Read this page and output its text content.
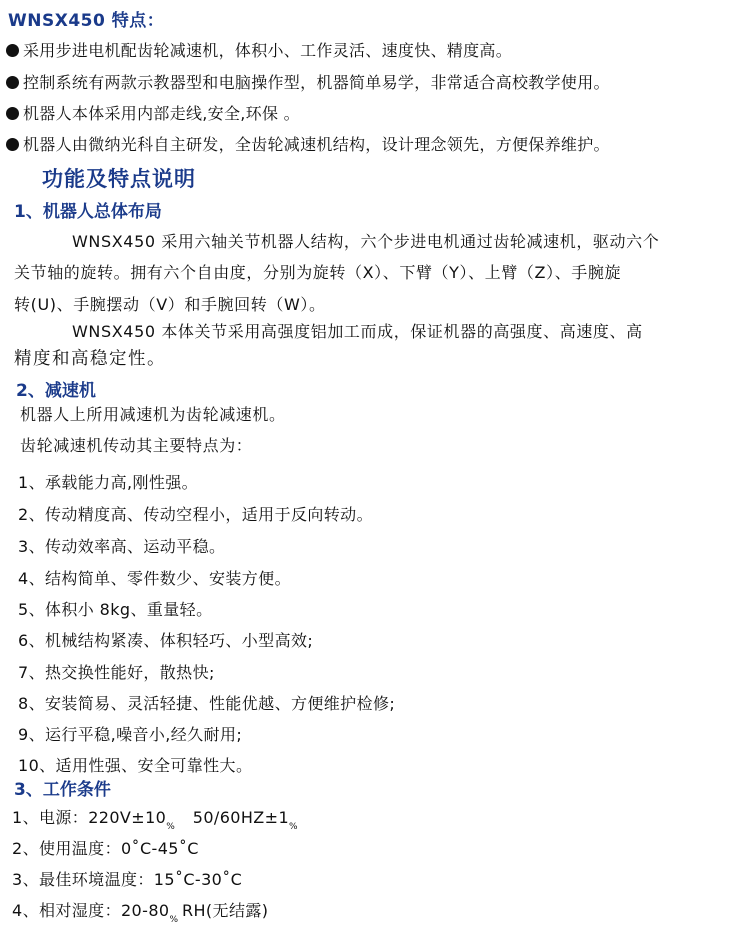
WNSX450 特点：
采用步进电机配齿轮减速机，体积小、工作灵活、速度快、精度高。
控制系统有两款示教器型和电脑操作型，机器简单易学，非常适合高校教学使用。
机器人本体采用内部走线,安全,环保 。
机器人由微纳光科自主研发，全齿轮减速机结构，设计理念领先，方便保养维护。
功能及特点说明
1、机器人总体布局
WNSX450 采用六轴关节机器人结构，六个步进电机通过齿轮减速机，驱动六个
关节轴的旋转。拥有六个自由度，分别为旋转（X）、下臂（Y）、上臂（Z）、手腕旋
转(U)、手腕摆动（V）和手腕回转（W）。
WNSX450 本体关节采用高强度铝加工而成，保证机器的高强度、高速度、高
精度和高稳定性。
2、减速机
机器人上所用减速机为齿轮减速机。
齿轮减速机传动其主要特点为：
1、承载能力高,刚性强。
2、传动精度高、传动空程小，适用于反向转动。
3、传动效率高、运动平稳。
4、结构简单、零件数少、安装方便。
5、体积小 8kg、重量轻。
6、机械结构紧凑、体积轻巧、小型高效;
7、热交换性能好，散热快;
8、安装简易、灵活轻捷、性能优越、方便维护检修;
9、运行平稳,噪音小,经久耐用;
10、适用性强、安全可靠性大。
3、工作条件
1、电源：220V±10% 50/60HZ±1%
2、使用温度：0˚C-45˚C
3、最佳环境温度：15˚C-30˚C
4、相对湿度：20-80% RH(无结露)
